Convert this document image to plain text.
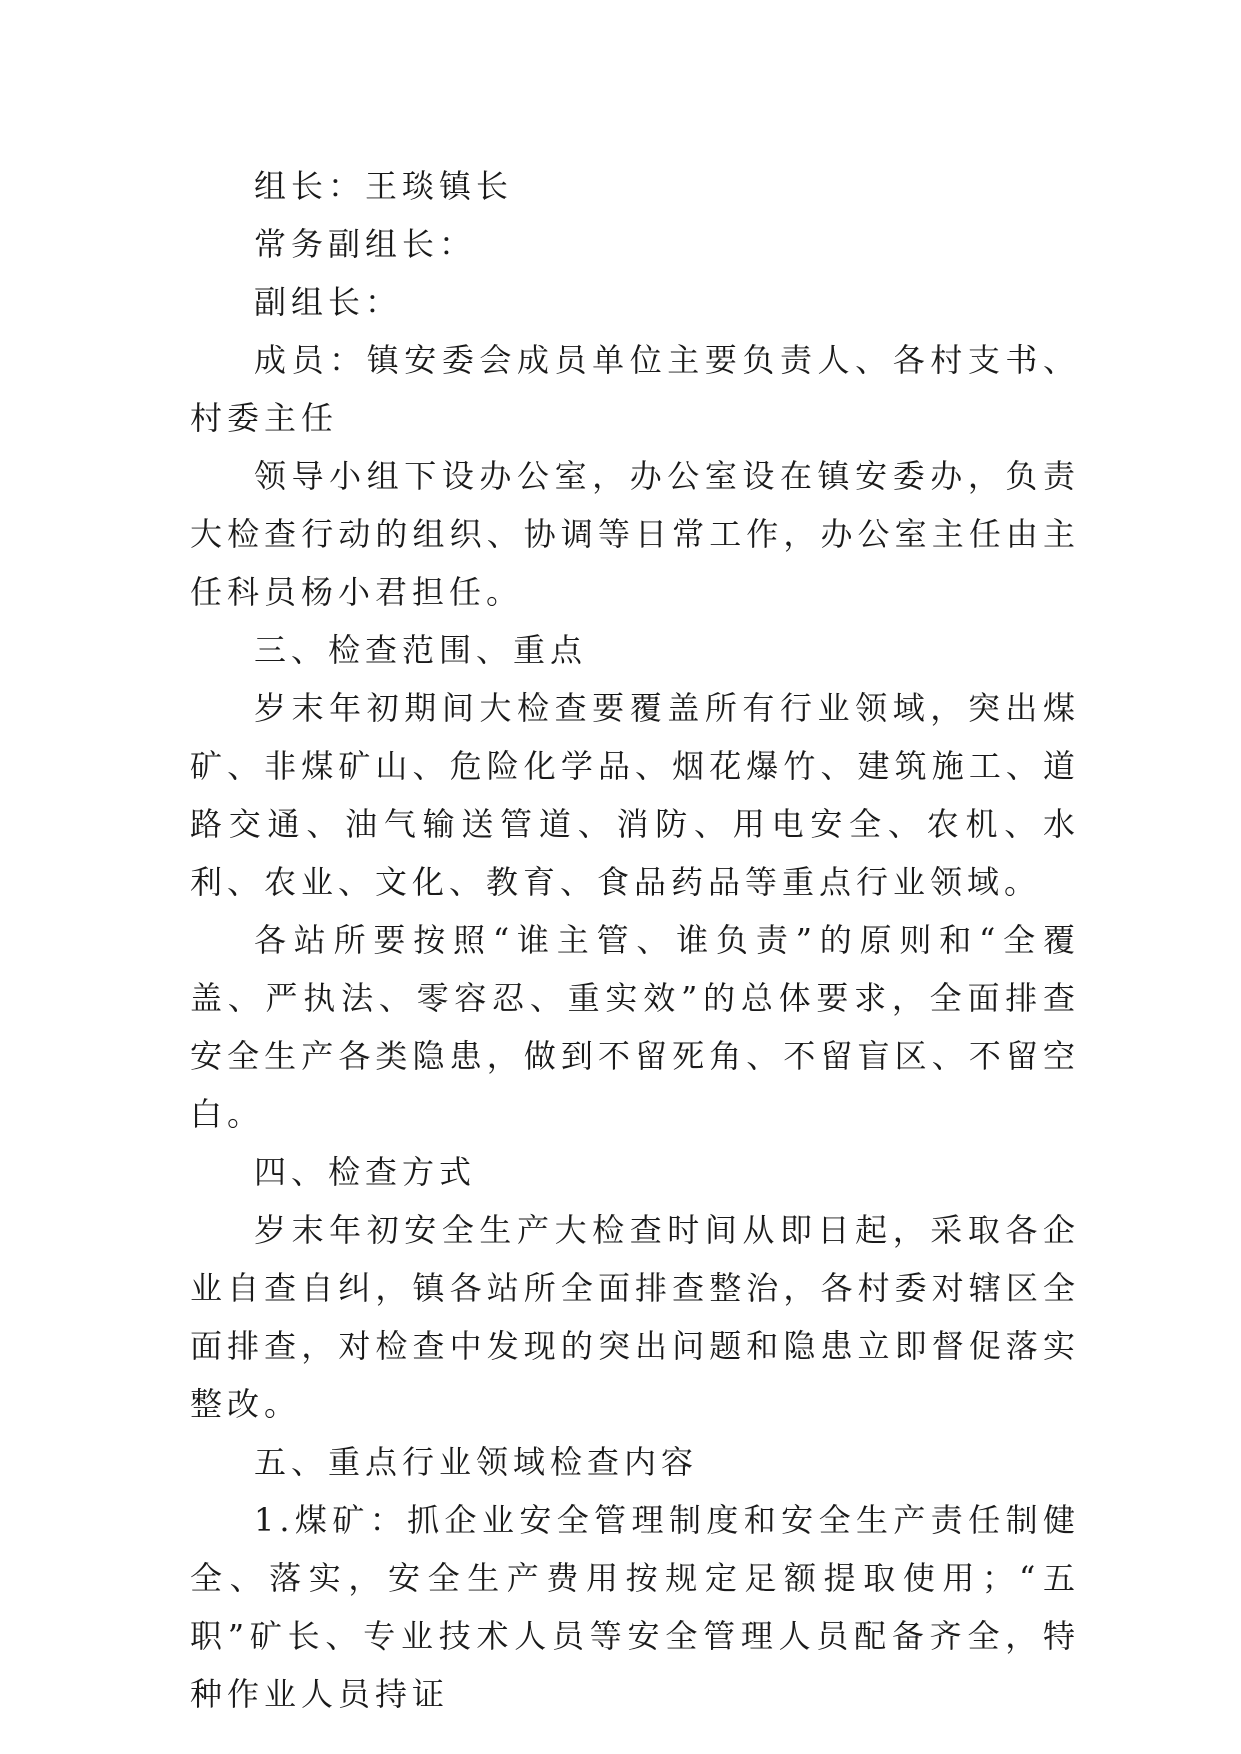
组长：王琰镇长

常务副组长：

副组长：

成员：镇安委会成员单位主要负责人、各村支书、村委主任

领导小组下设办公室，办公室设在镇安委办，负责大检查行动的组织、协调等日常工作，办公室主任由主任科员杨小君担任。

三、检查范围、重点

岁末年初期间大检查要覆盖所有行业领域，突出煤矿、非煤矿山、危险化学品、烟花爆竹、建筑施工、道路交通、油气输送管道、消防、用电安全、农机、水利、农业、文化、教育、食品药品等重点行业领域。

各站所要按照“谁主管、谁负责”的原则和“全覆盖、严执法、零容忍、重实效”的总体要求，全面排查安全生产各类隐患，做到不留死角、不留盲区、不留空白。

四、检查方式

岁末年初安全生产大检查时间从即日起，采取各企业自查自纠，镇各站所全面排查整治，各村委对辖区全面排查，对检查中发现的突出问题和隐患立即督促落实整改。

五、重点行业领域检查内容

1.煤矿：抓企业安全管理制度和安全生产责任制健全、落实，安全生产费用按规定足额提取使用；“五职”矿长、专业技术人员等安全管理人员配备齐全，特种作业人员持证
